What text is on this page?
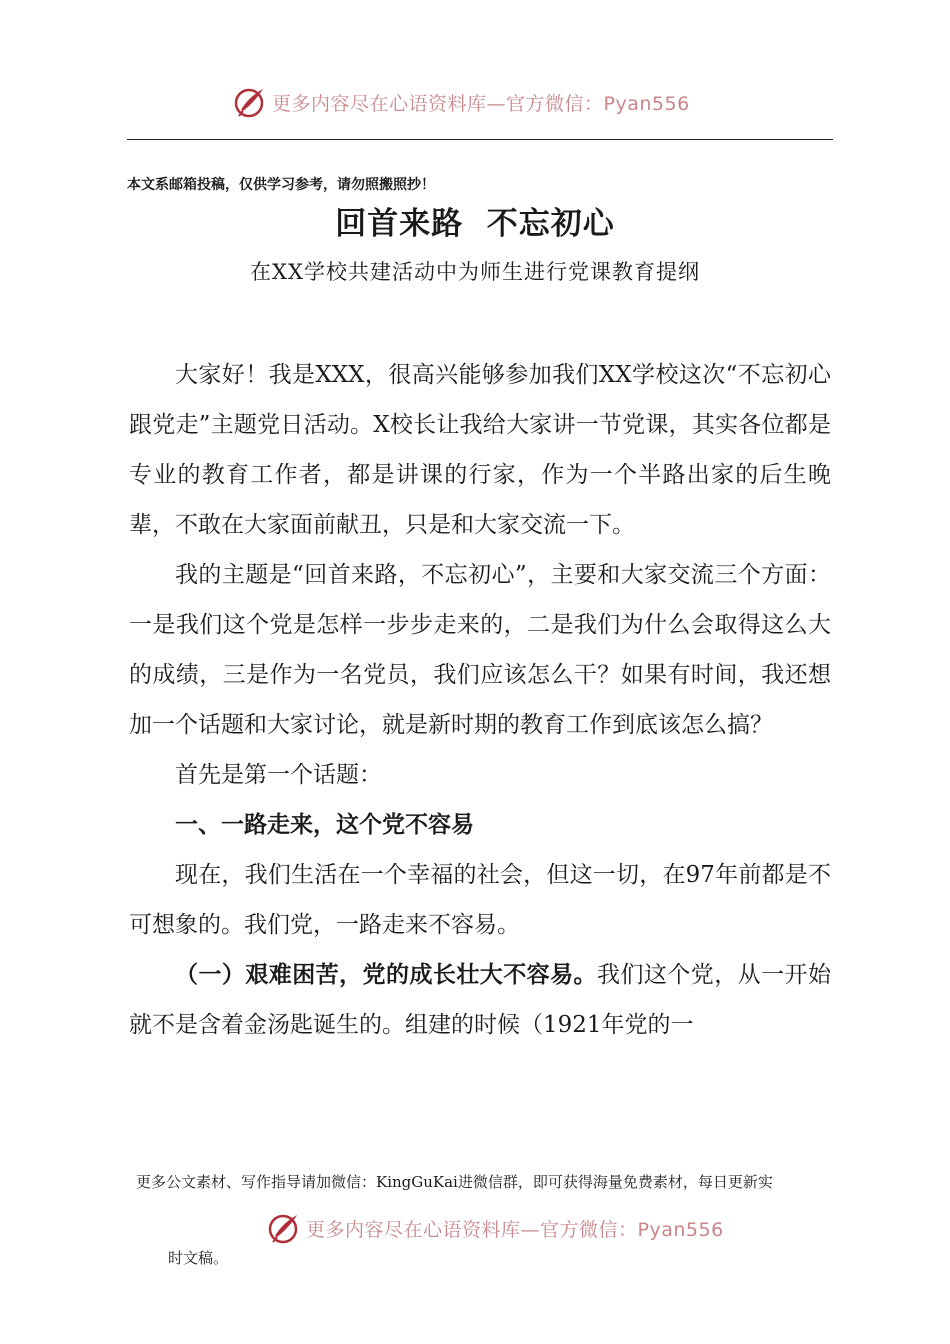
更多内容尽在心语资料库—官方微信：Pyan556
本文系邮箱投稿，仅供学习参考，请勿照搬照抄！
回首来路  不忘初心
在XX学校共建活动中为师生进行党课教育提纲

大家好！我是XXX，很高兴能够参加我们XX学校这次“不忘初心跟党走”主题党日活动。X校长让我给大家讲一节党课，其实各位都是专业的教育工作者，都是讲课的行家，作为一个半路出家的后生晚辈，不敢在大家面前献丑，只是和大家交流一下。

我的主题是“回首来路，不忘初心”，主要和大家交流三个方面：一是我们这个党是怎样一步步走来的，二是我们为什么会取得这么大的成绩，三是作为一名党员，我们应该怎么干？如果有时间，我还想加一个话题和大家讨论，就是新时期的教育工作到底该怎么搞？

首先是第一个话题：

一、一路走来，这个党不容易

现在，我们生活在一个幸福的社会，但这一切，在97年前都是不可想象的。我们党，一路走来不容易。

（一）艰难困苦，党的成长壮大不容易。我们这个党，从一开始就不是含着金汤匙诞生的。组建的时候（1921年党的一

更多公文素材、写作指导请加微信：KingGuKai进微信群，即可获得海量免费素材，每日更新实
更多内容尽在心语资料库—官方微信：Pyan556
时文稿。
